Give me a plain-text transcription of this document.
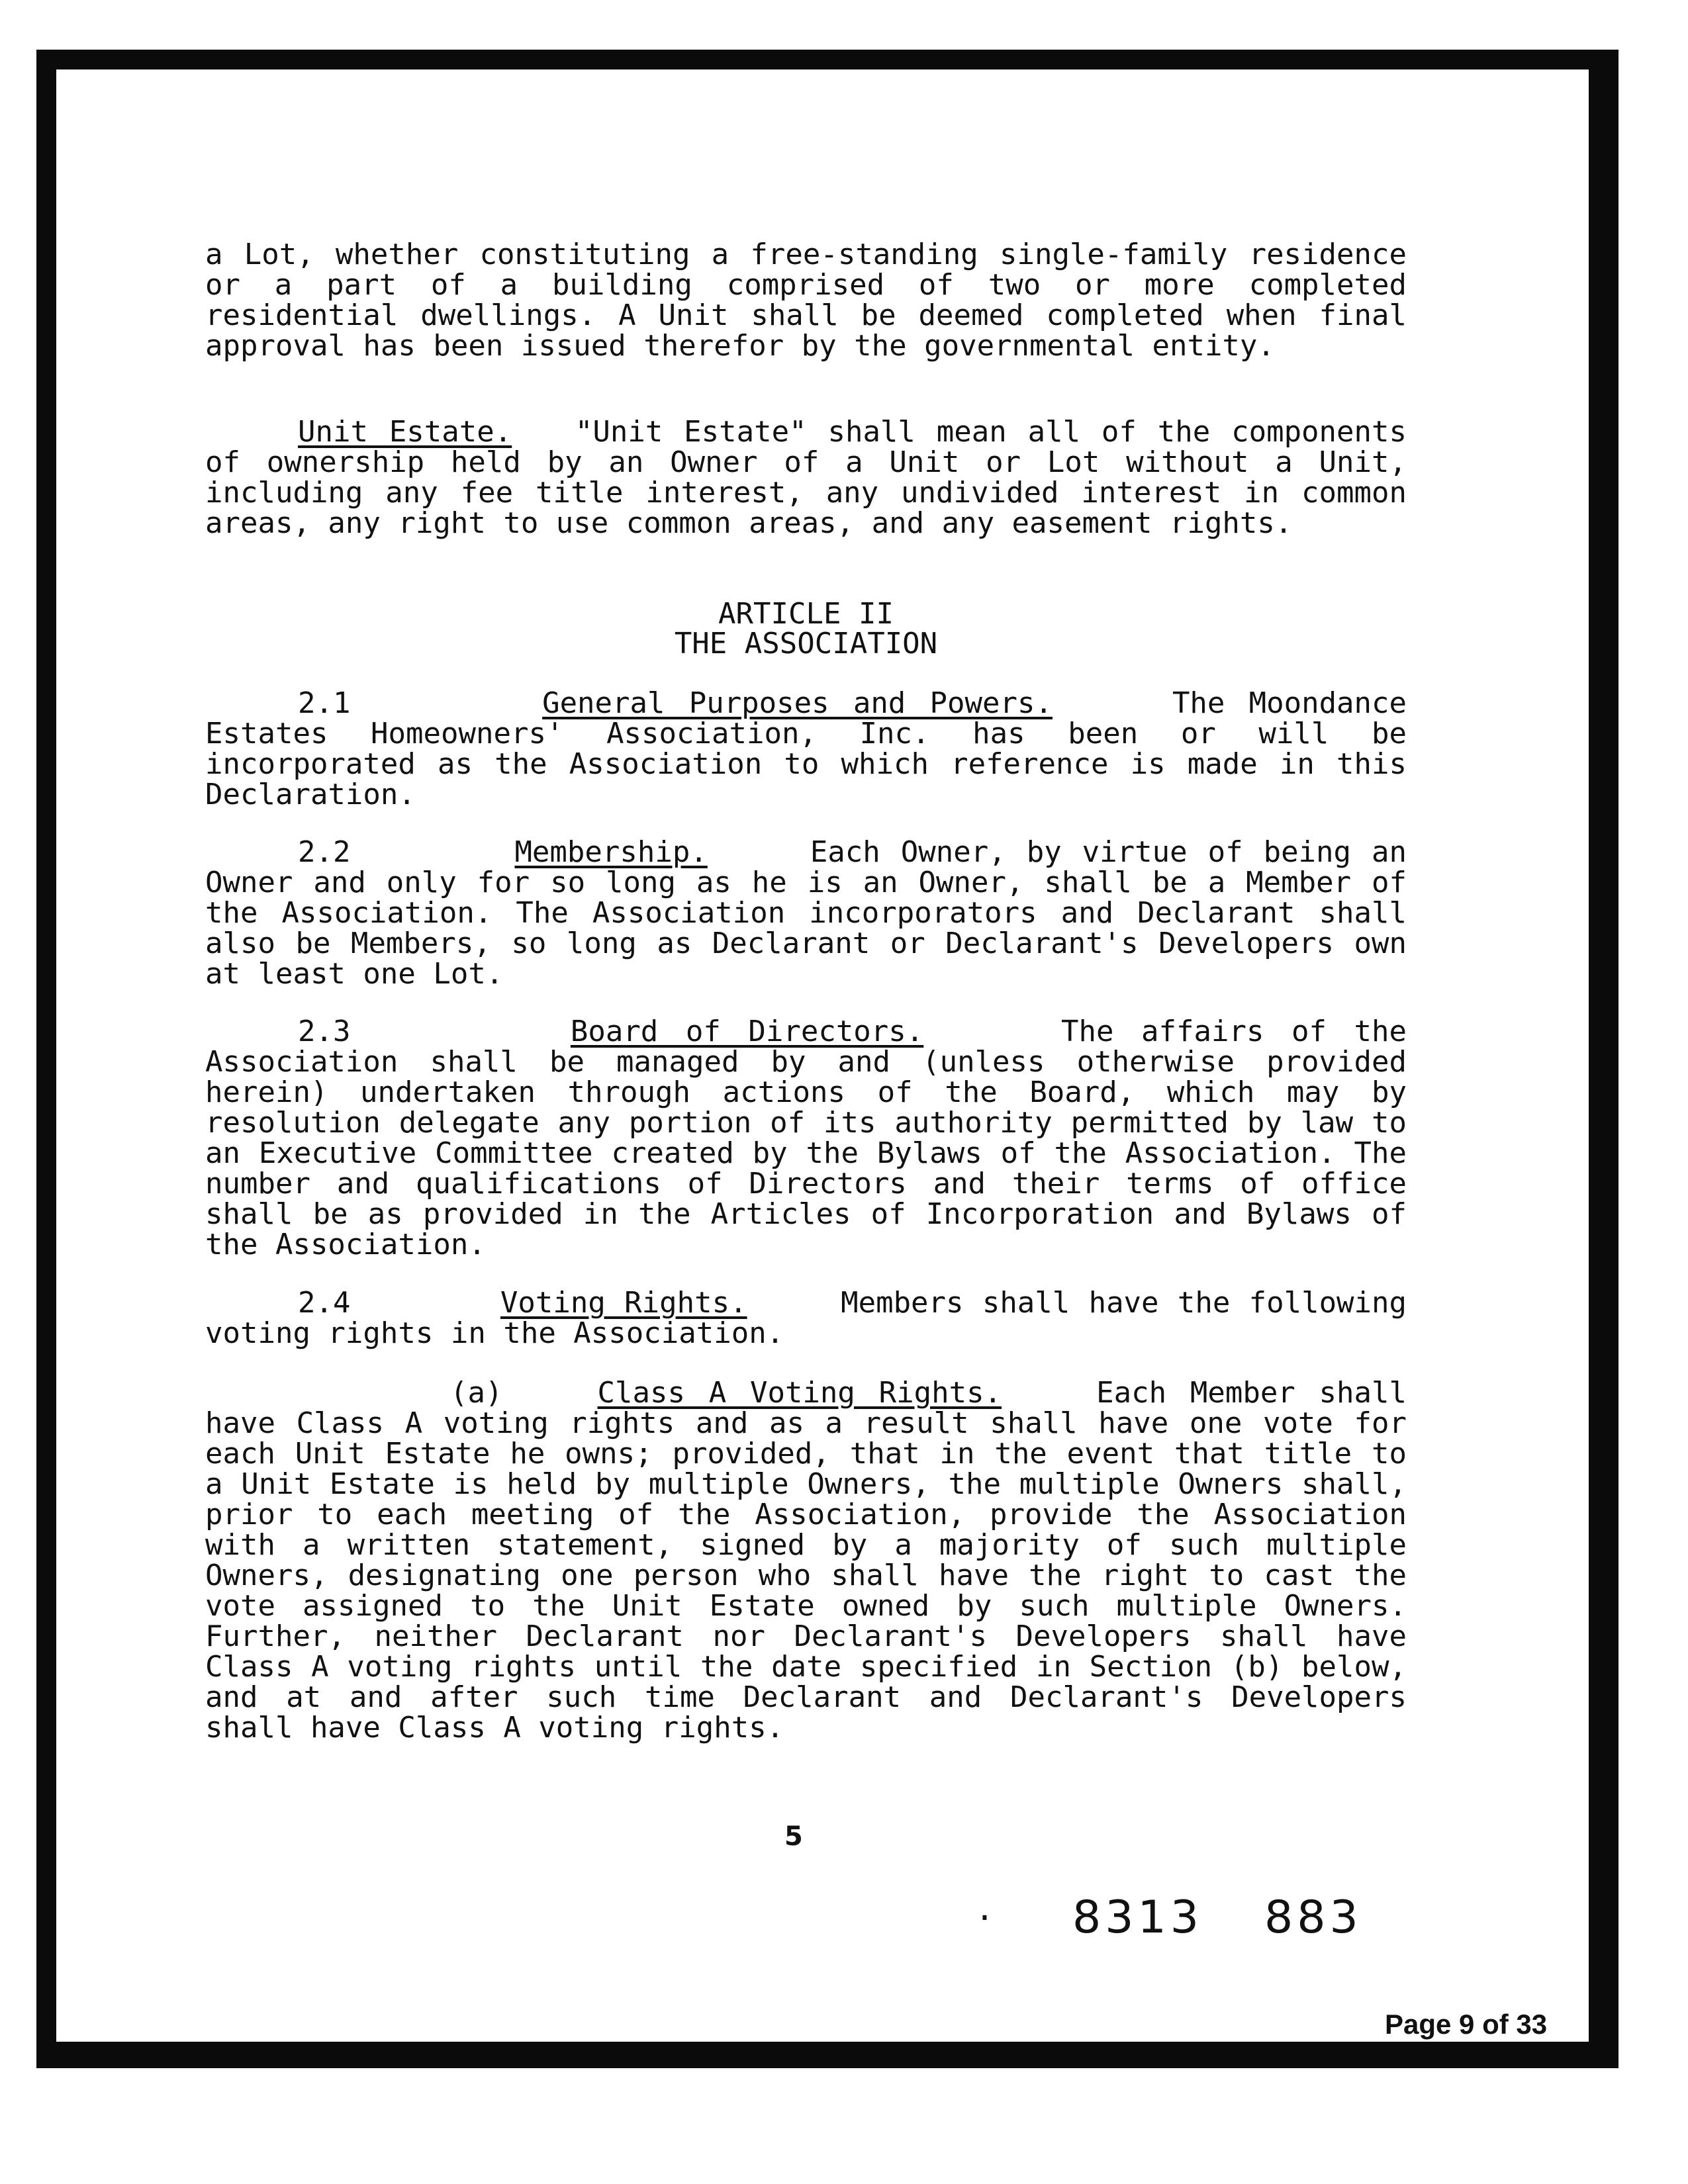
a Lot, whether constituting a free-standing single-family residence or a part of a building comprised of two or more completed residential dwellings. A Unit shall be deemed completed when final approval has been issued therefor by the governmental entity.
Unit Estate. "Unit Estate" shall mean all of the components of ownership held by an Owner of a Unit or Lot without a Unit, including any fee title interest, any undivided interest in common areas, any right to use common areas, and any easement rights.
ARTICLE II
THE ASSOCIATION
2.1	General Purposes and Powers.	The Moondance Estates Homeowners' Association, Inc. has been or will be incorporated as the Association to which reference is made in this Declaration.
2.2	Membership.	Each Owner, by virtue of being an Owner and only for so long as he is an Owner, shall be a Member of the Association. The Association incorporators and Declarant shall also be Members, so long as Declarant or Declarant's Developers own at least one Lot.
2.3	Board of Directors.	The affairs of the Association shall be managed by and (unless otherwise provided herein) undertaken through actions of the Board, which may by resolution delegate any portion of its authority permitted by law to an Executive Committee created by the Bylaws of the Association. The number and qualifications of Directors and their terms of office shall be as provided in the Articles of Incorporation and Bylaws of the Association.
2.4	Voting Rights.	Members shall have the following voting rights in the Association.
(a)	Class A Voting Rights.	Each Member shall have Class A voting rights and as a result shall have one vote for each Unit Estate he owns; provided, that in the event that title to a Unit Estate is held by multiple Owners, the multiple Owners shall, prior to each meeting of the Association, provide the Association with a written statement, signed by a majority of such multiple Owners, designating one person who shall have the right to cast the vote assigned to the Unit Estate owned by such multiple Owners. Further, neither Declarant nor Declarant's Developers shall have Class A voting rights until the date specified in Section (b) below, and at and after such time Declarant and Declarant's Developers shall have Class A voting rights.
5
· 8313 883
Page 9 of 33
